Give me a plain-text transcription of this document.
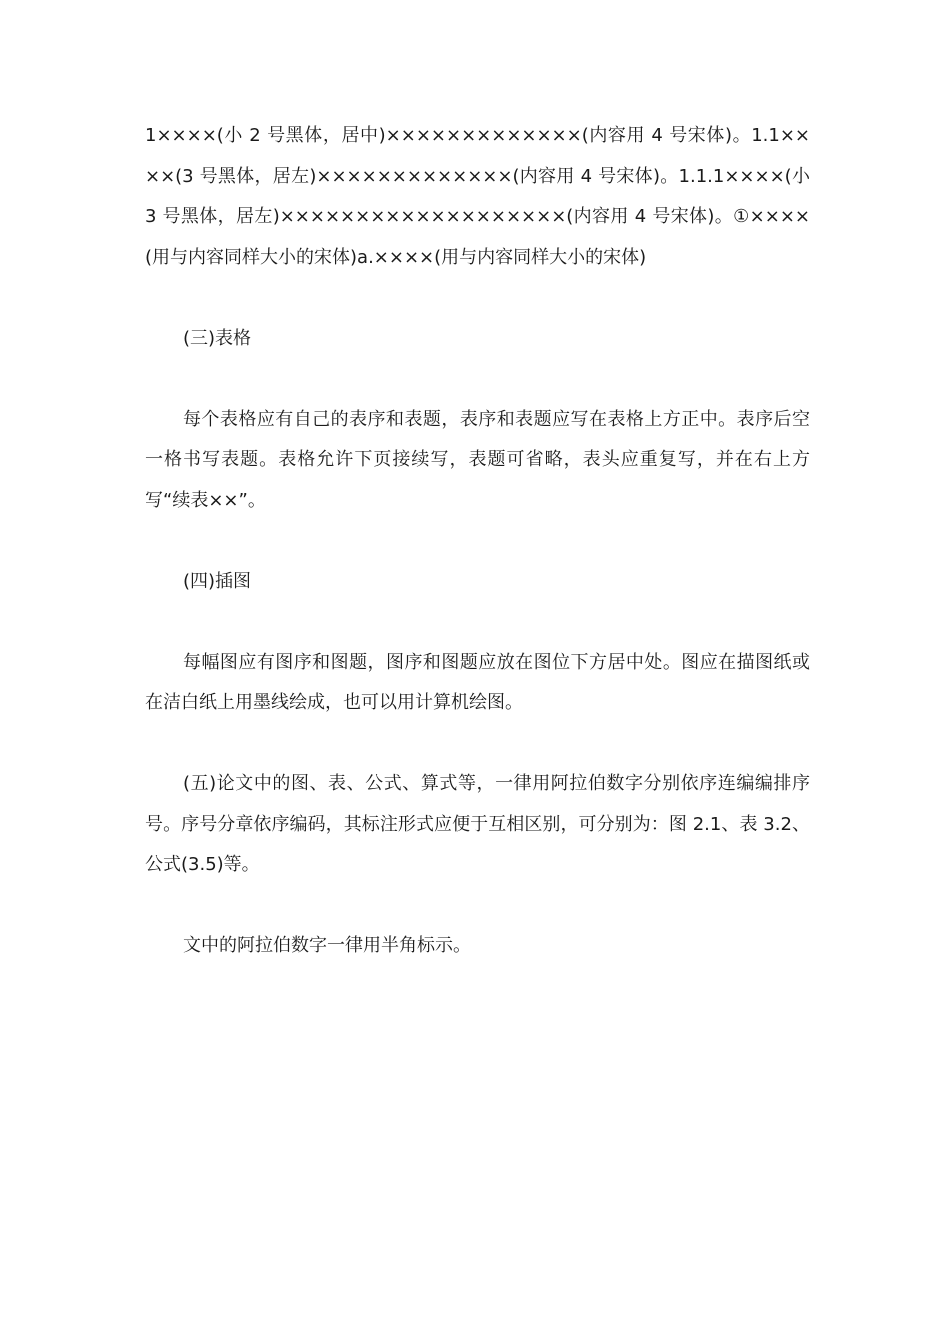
1××××(小 2 号黑体，居中)×××××××××××××(内容用 4 号宋体)。1.1××××(3 号黑体，居左)×××××××××××××(内容用 4 号宋体)。1.1.1××××(小 3 号黑体，居左)×××××××××××××××××××(内容用 4 号宋体)。①××××(用与内容同样大小的宋体)a.××××(用与内容同样大小的宋体)

(三)表格

每个表格应有自己的表序和表题，表序和表题应写在表格上方正中。表序后空一格书写表题。表格允许下页接续写，表题可省略，表头应重复写，并在右上方写“续表××”。

(四)插图

每幅图应有图序和图题，图序和图题应放在图位下方居中处。图应在描图纸或在洁白纸上用墨线绘成，也可以用计算机绘图。

(五)论文中的图、表、公式、算式等，一律用阿拉伯数字分别依序连编编排序号。序号分章依序编码，其标注形式应便于互相区别，可分别为：图 2.1、表 3.2、公式(3.5)等。

文中的阿拉伯数字一律用半角标示。
